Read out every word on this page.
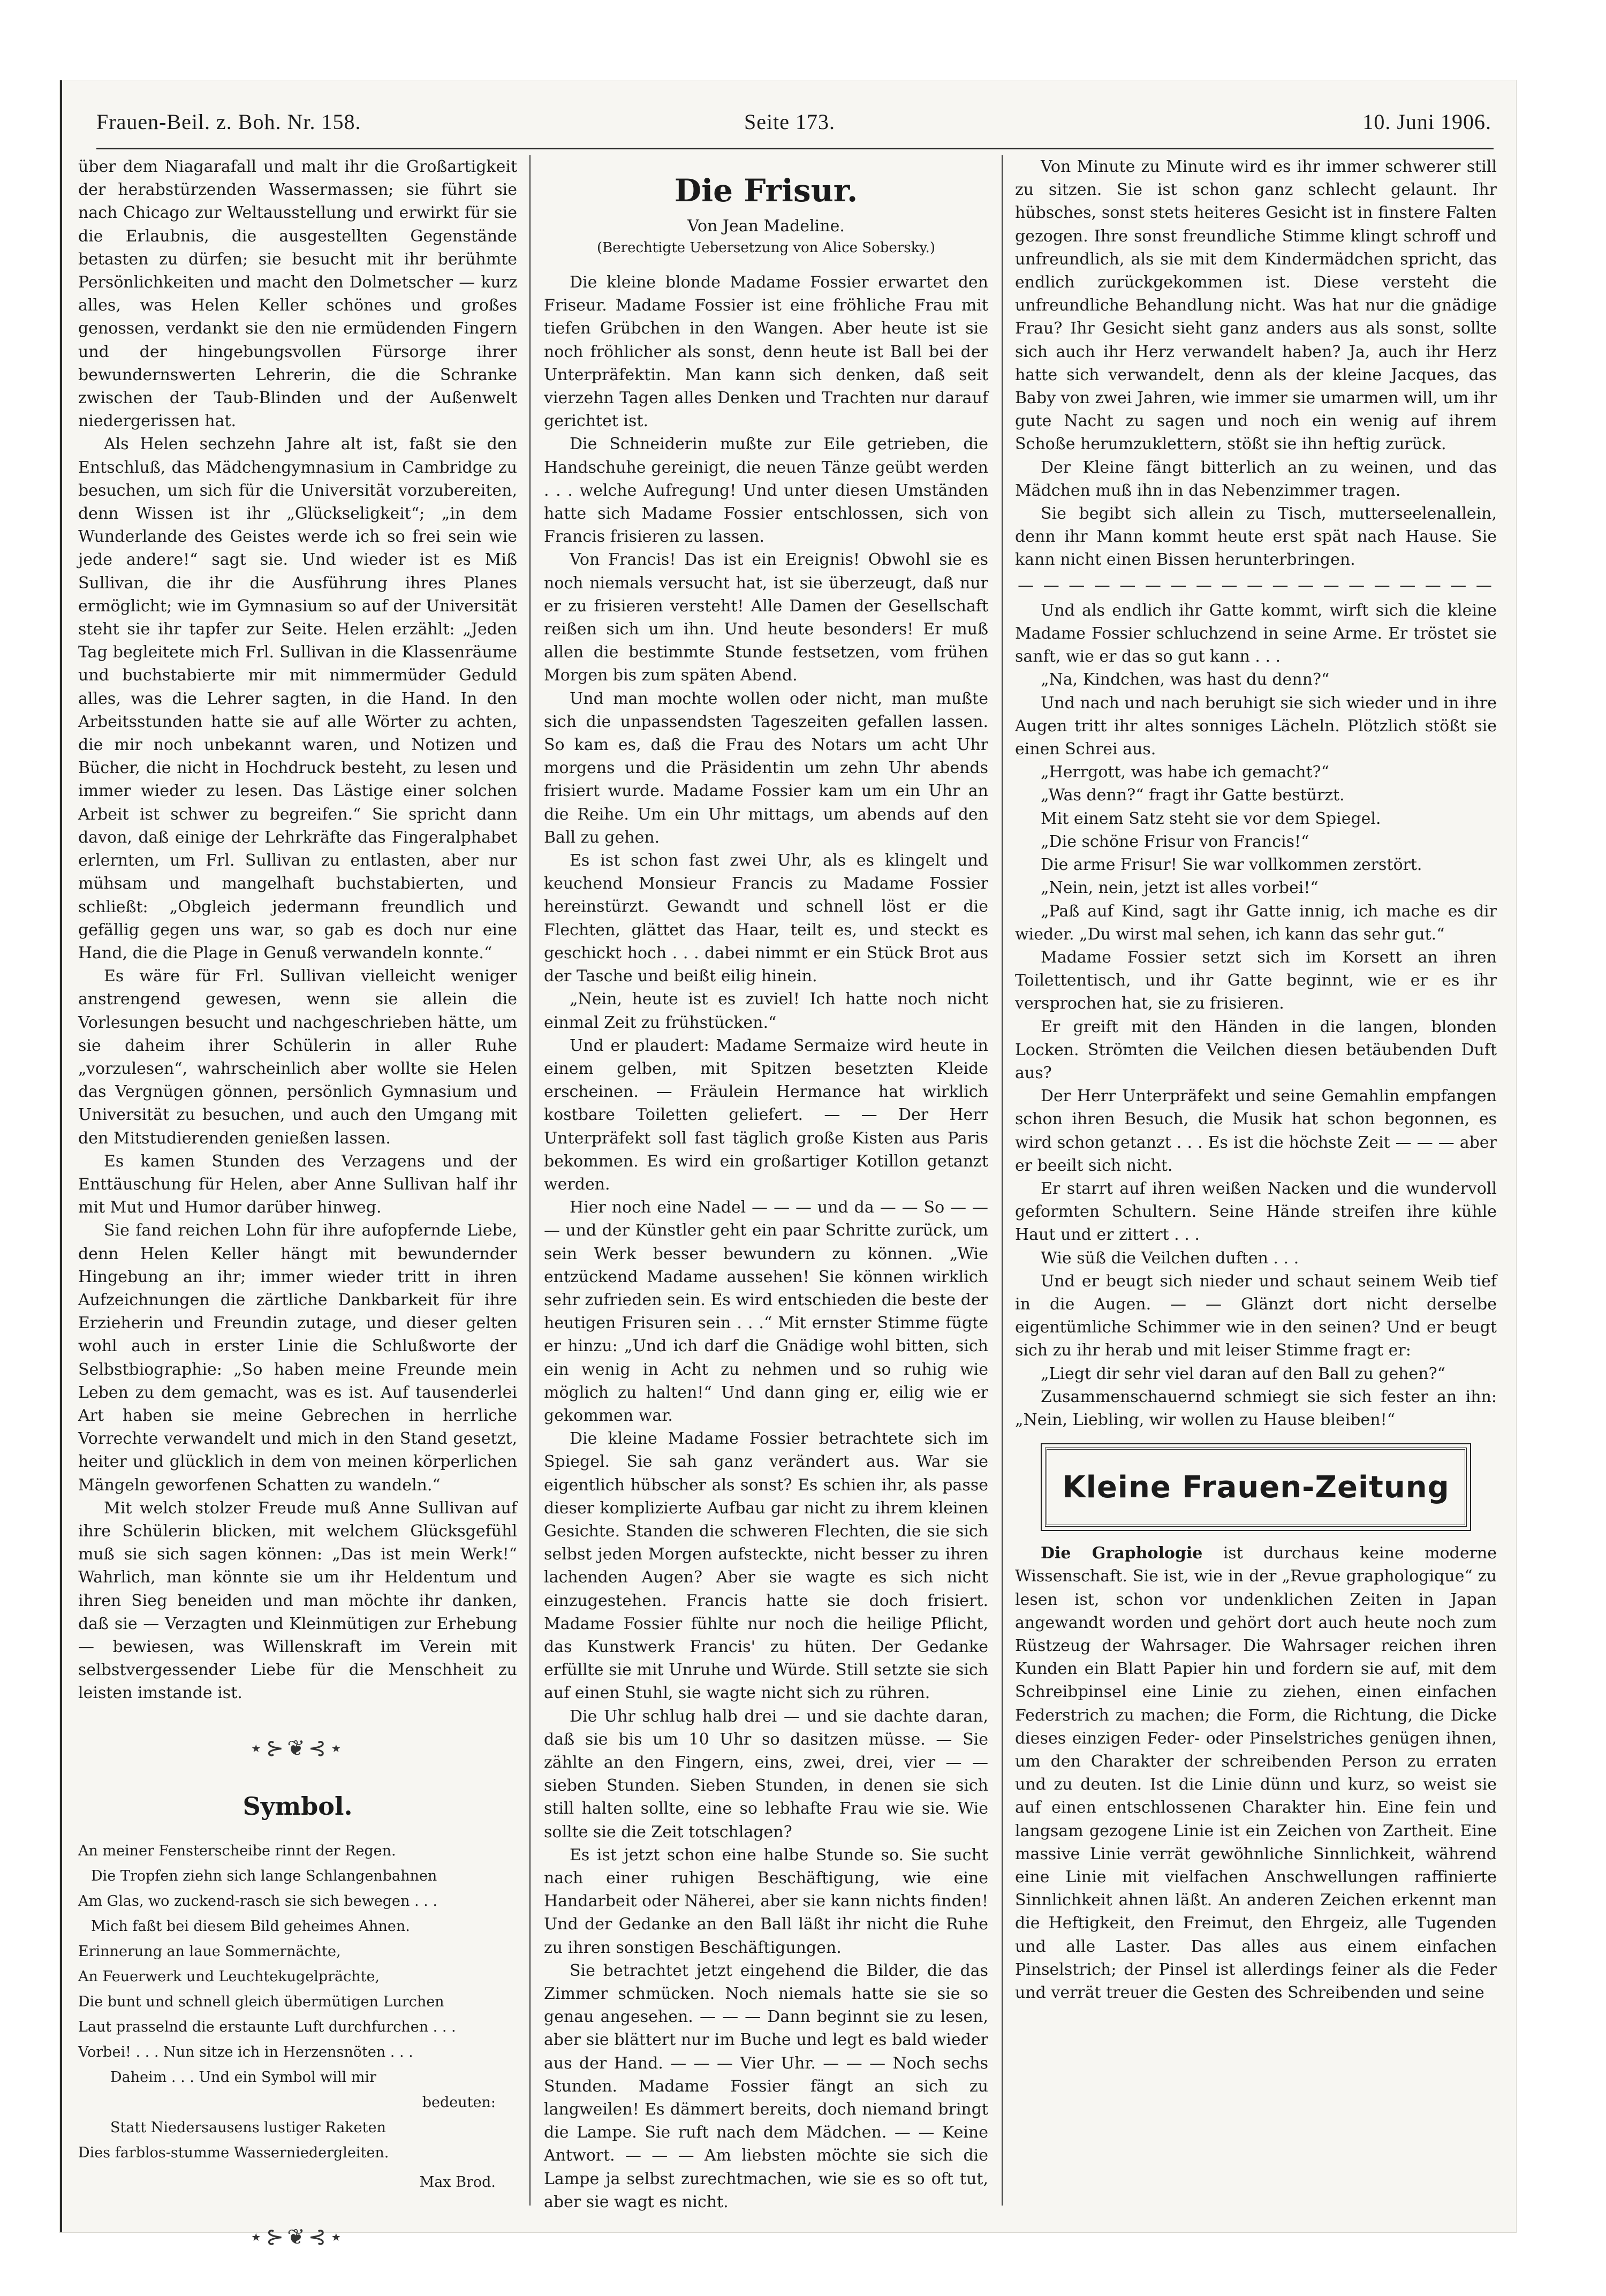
Frauen-Beil. z. Boh. Nr. 158.	Seite 173.	10. Juni 1906.

über dem Niagarafall und malt ihr die Großartigkeit der herabstürzenden Wassermassen; sie führt sie nach Chicago zur Weltausstellung und erwirkt für sie die Erlaubnis, die ausgestellten Gegenstände betasten zu dürfen; sie besucht mit ihr berühmte Persönlichkeiten und macht den Dolmetscher — kurz alles, was Helen Keller schönes und großes genossen, verdankt sie den nie ermüdenden Fingern und der hingebungsvollen Fürsorge ihrer bewundernswerten Lehrerin, die die Schranke zwischen der Taub-Blinden und der Außenwelt niedergerissen hat.

Als Helen sechzehn Jahre alt ist, faßt sie den Entschluß, das Mädchengymnasium in Cambridge zu besuchen, um sich für die Universität vorzubereiten, denn Wissen ist ihr „Glückseligkeit“; „in dem Wunderlande des Geistes werde ich so frei sein wie jede andere!“ sagt sie. Und wieder ist es Miß Sullivan, die ihr die Ausführung ihres Planes ermöglicht; wie im Gymnasium so auf der Universität steht sie ihr tapfer zur Seite. Helen erzählt: „Jeden Tag begleitete mich Frl. Sullivan in die Klassenräume und buchstabierte mir mit nimmermüder Geduld alles, was die Lehrer sagten, in die Hand. In den Arbeitsstunden hatte sie auf alle Wörter zu achten, die mir noch unbekannt waren, und Notizen und Bücher, die nicht in Hochdruck besteht, zu lesen und immer wieder zu lesen. Das Lästige einer solchen Arbeit ist schwer zu begreifen.“ Sie spricht dann davon, daß einige der Lehrkräfte das Fingeralphabet erlernten, um Frl. Sullivan zu entlasten, aber nur mühsam und mangelhaft buchstabierten, und schließt: „Obgleich jedermann freundlich und gefällig gegen uns war, so gab es doch nur eine Hand, die die Plage in Genuß verwandeln konnte.“

Es wäre für Frl. Sullivan vielleicht weniger anstrengend gewesen, wenn sie allein die Vorlesungen besucht und nachgeschrieben hätte, um sie daheim ihrer Schülerin in aller Ruhe „vorzulesen“, wahrscheinlich aber wollte sie Helen das Vergnügen gönnen, persönlich Gymnasium und Universität zu besuchen, und auch den Umgang mit den Mitstudierenden genießen lassen.

Es kamen Stunden des Verzagens und der Enttäuschung für Helen, aber Anne Sullivan half ihr mit Mut und Humor darüber hinweg.

Sie fand reichen Lohn für ihre aufopfernde Liebe, denn Helen Keller hängt mit bewundernder Hingebung an ihr; immer wieder tritt in ihren Aufzeichnungen die zärtliche Dankbarkeit für ihre Erzieherin und Freundin zutage, und dieser gelten wohl auch in erster Linie die Schlußworte der Selbstbiographie: „So haben meine Freunde mein Leben zu dem gemacht, was es ist. Auf tausenderlei Art haben sie meine Gebrechen in herrliche Vorrechte verwandelt und mich in den Stand gesetzt, heiter und glücklich in dem von meinen körperlichen Mängeln geworfenen Schatten zu wandeln.“

Mit welch stolzer Freude muß Anne Sullivan auf ihre Schülerin blicken, mit welchem Glücksgefühl muß sie sich sagen können: „Das ist mein Werk!“ Wahrlich, man könnte sie um ihr Heldentum und ihren Sieg beneiden und man möchte ihr danken, daß sie — Verzagten und Kleinmütigen zur Erhebung — bewiesen, was Willenskraft im Verein mit selbstvergessender Liebe für die Menschheit zu leisten imstande ist.

⋆⊱❦⊰⋆
Symbol.
An meiner Fensterscheibe rinnt der Regen.
Die Tropfen ziehn sich lange Schlangenbahnen
Am Glas, wo zuckend-rasch sie sich bewegen . . .
Mich faßt bei diesem Bild geheimes Ahnen.
Erinnerung an laue Sommernächte,
An Feuerwerk und Leuchtekugelprächte,
Die bunt und schnell gleich übermütigen Lurchen
Laut prasselnd die erstaunte Luft durchfurchen . . .
Vorbei! . . . Nun sitze ich in Herzensnöten . . .
Daheim . . . Und ein Symbol will mir
bedeuten:
Statt Niedersausens lustiger Raketen
Dies farblos-stumme Wasserniedergleiten.
Max Brod.
⋆⊱❦⊰⋆
Die Frisur.
Von Jean Madeline.
(Berechtigte Uebersetzung von Alice Sobersky.)

Die kleine blonde Madame Fossier erwartet den Friseur. Madame Fossier ist eine fröhliche Frau mit tiefen Grübchen in den Wangen. Aber heute ist sie noch fröhlicher als sonst, denn heute ist Ball bei der Unterpräfektin. Man kann sich denken, daß seit vierzehn Tagen alles Denken und Trachten nur darauf gerichtet ist.

Die Schneiderin mußte zur Eile getrieben, die Handschuhe gereinigt, die neuen Tänze geübt werden . . . welche Aufregung! Und unter diesen Umständen hatte sich Madame Fossier entschlossen, sich von Francis frisieren zu lassen.

Von Francis! Das ist ein Ereignis! Obwohl sie es noch niemals versucht hat, ist sie überzeugt, daß nur er zu frisieren versteht! Alle Damen der Gesellschaft reißen sich um ihn. Und heute besonders! Er muß allen die bestimmte Stunde festsetzen, vom frühen Morgen bis zum späten Abend.

Und man mochte wollen oder nicht, man mußte sich die unpassendsten Tageszeiten gefallen lassen. So kam es, daß die Frau des Notars um acht Uhr morgens und die Präsidentin um zehn Uhr abends frisiert wurde. Madame Fossier kam um ein Uhr an die Reihe. Um ein Uhr mittags, um abends auf den Ball zu gehen.

Es ist schon fast zwei Uhr, als es klingelt und keuchend Monsieur Francis zu Madame Fossier hereinstürzt. Gewandt und schnell löst er die Flechten, glättet das Haar, teilt es, und steckt es geschickt hoch . . . dabei nimmt er ein Stück Brot aus der Tasche und beißt eilig hinein.

„Nein, heute ist es zuviel! Ich hatte noch nicht einmal Zeit zu frühstücken.“

Und er plaudert: Madame Sermaize wird heute in einem gelben, mit Spitzen besetzten Kleide erscheinen. — Fräulein Hermance hat wirklich kostbare Toiletten geliefert. — — Der Herr Unterpräfekt soll fast täglich große Kisten aus Paris bekommen. Es wird ein großartiger Kotillon getanzt werden.

Hier noch eine Nadel — — — und da — — So — — — und der Künstler geht ein paar Schritte zurück, um sein Werk besser bewundern zu können. „Wie entzückend Madame aussehen! Sie können wirklich sehr zufrieden sein. Es wird entschieden die beste der heutigen Frisuren sein . . .“ Mit ernster Stimme fügte er hinzu: „Und ich darf die Gnädige wohl bitten, sich ein wenig in Acht zu nehmen und so ruhig wie möglich zu halten!“ Und dann ging er, eilig wie er gekommen war.

Die kleine Madame Fossier betrachtete sich im Spiegel. Sie sah ganz verändert aus. War sie eigentlich hübscher als sonst? Es schien ihr, als passe dieser komplizierte Aufbau gar nicht zu ihrem kleinen Gesichte. Standen die schweren Flechten, die sie sich selbst jeden Morgen aufsteckte, nicht besser zu ihren lachenden Augen? Aber sie wagte es sich nicht einzugestehen. Francis hatte sie doch frisiert. Madame Fossier fühlte nur noch die heilige Pflicht, das Kunstwerk Francis' zu hüten. Der Gedanke erfüllte sie mit Unruhe und Würde. Still setzte sie sich auf einen Stuhl, sie wagte nicht sich zu rühren.

Die Uhr schlug halb drei — und sie dachte daran, daß sie bis um 10 Uhr so dasitzen müsse. — Sie zählte an den Fingern, eins, zwei, drei, vier — — sieben Stunden. Sieben Stunden, in denen sie sich still halten sollte, eine so lebhafte Frau wie sie. Wie sollte sie die Zeit totschlagen?

Es ist jetzt schon eine halbe Stunde so. Sie sucht nach einer ruhigen Beschäftigung, wie eine Handarbeit oder Näherei, aber sie kann nichts finden! Und der Gedanke an den Ball läßt ihr nicht die Ruhe zu ihren sonstigen Beschäftigungen.

Sie betrachtet jetzt eingehend die Bilder, die das Zimmer schmücken. Noch niemals hatte sie sie so genau angesehen. — — — Dann beginnt sie zu lesen, aber sie blättert nur im Buche und legt es bald wieder aus der Hand. — — — Vier Uhr. — — — Noch sechs Stunden. Madame Fossier fängt an sich zu langweilen! Es dämmert bereits, doch niemand bringt die Lampe. Sie ruft nach dem Mädchen. — — Keine Antwort. — — — Am liebsten möchte sie sich die Lampe ja selbst zurechtmachen, wie sie es so oft tut, aber sie wagt es nicht.

Von Minute zu Minute wird es ihr immer schwerer still zu sitzen. Sie ist schon ganz schlecht gelaunt. Ihr hübsches, sonst stets heiteres Gesicht ist in finstere Falten gezogen. Ihre sonst freundliche Stimme klingt schroff und unfreundlich, als sie mit dem Kindermädchen spricht, das endlich zurückgekommen ist. Diese versteht die unfreundliche Behandlung nicht. Was hat nur die gnädige Frau? Ihr Gesicht sieht ganz anders aus als sonst, sollte sich auch ihr Herz verwandelt haben? Ja, auch ihr Herz hatte sich verwandelt, denn als der kleine Jacques, das Baby von zwei Jahren, wie immer sie umarmen will, um ihr gute Nacht zu sagen und noch ein wenig auf ihrem Schoße herumzuklettern, stößt sie ihn heftig zurück.

Der Kleine fängt bitterlich an zu weinen, und das Mädchen muß ihn in das Nebenzimmer tragen.

Sie begibt sich allein zu Tisch, mutterseelenallein, denn ihr Mann kommt heute erst spät nach Hause. Sie kann nicht einen Bissen herunterbringen.

— — — — — — — — — — — — — — — — — — —

Und als endlich ihr Gatte kommt, wirft sich die kleine Madame Fossier schluchzend in seine Arme. Er tröstet sie sanft, wie er das so gut kann . . .

„Na, Kindchen, was hast du denn?“

Und nach und nach beruhigt sie sich wieder und in ihre Augen tritt ihr altes sonniges Lächeln. Plötzlich stößt sie einen Schrei aus.

„Herrgott, was habe ich gemacht?“

„Was denn?“ fragt ihr Gatte bestürzt.

Mit einem Satz steht sie vor dem Spiegel.

„Die schöne Frisur von Francis!“

Die arme Frisur! Sie war vollkommen zerstört.

„Nein, nein, jetzt ist alles vorbei!“

„Paß auf Kind, sagt ihr Gatte innig, ich mache es dir wieder. „Du wirst mal sehen, ich kann das sehr gut.“

Madame Fossier setzt sich im Korsett an ihren Toilettentisch, und ihr Gatte beginnt, wie er es ihr versprochen hat, sie zu frisieren.

Er greift mit den Händen in die langen, blonden Locken. Strömten die Veilchen diesen betäubenden Duft aus?

Der Herr Unterpräfekt und seine Gemahlin empfangen schon ihren Besuch, die Musik hat schon begonnen, es wird schon getanzt . . . Es ist die höchste Zeit — — — aber er beeilt sich nicht.

Er starrt auf ihren weißen Nacken und die wundervoll geformten Schultern. Seine Hände streifen ihre kühle Haut und er zittert . . .

Wie süß die Veilchen duften . . .

Und er beugt sich nieder und schaut seinem Weib tief in die Augen. — — Glänzt dort nicht derselbe eigentümliche Schimmer wie in den seinen? Und er beugt sich zu ihr herab und mit leiser Stimme fragt er:

„Liegt dir sehr viel daran auf den Ball zu gehen?“

Zusammenschauernd schmiegt sie sich fester an ihn: „Nein, Liebling, wir wollen zu Hause bleiben!“

Kleine Frauen-Zeitung

Die Graphologie ist durchaus keine moderne Wissenschaft. Sie ist, wie in der „Revue graphologique“ zu lesen ist, schon vor undenklichen Zeiten in Japan angewandt worden und gehört dort auch heute noch zum Rüstzeug der Wahrsager. Die Wahrsager reichen ihren Kunden ein Blatt Papier hin und fordern sie auf, mit dem Schreibpinsel eine Linie zu ziehen, einen einfachen Federstrich zu machen; die Form, die Richtung, die Dicke dieses einzigen Feder- oder Pinselstriches genügen ihnen, um den Charakter der schreibenden Person zu erraten und zu deuten. Ist die Linie dünn und kurz, so weist sie auf einen entschlossenen Charakter hin. Eine fein und langsam gezogene Linie ist ein Zeichen von Zartheit. Eine massive Linie verrät gewöhnliche Sinnlichkeit, während eine Linie mit vielfachen Anschwellungen raffinierte Sinnlichkeit ahnen läßt. An anderen Zeichen erkennt man die Heftigkeit, den Freimut, den Ehrgeiz, alle Tugenden und alle Laster. Das alles aus einem einfachen Pinselstrich; der Pinsel ist allerdings feiner als die Feder und verrät treuer die Gesten des Schreibenden und seine
